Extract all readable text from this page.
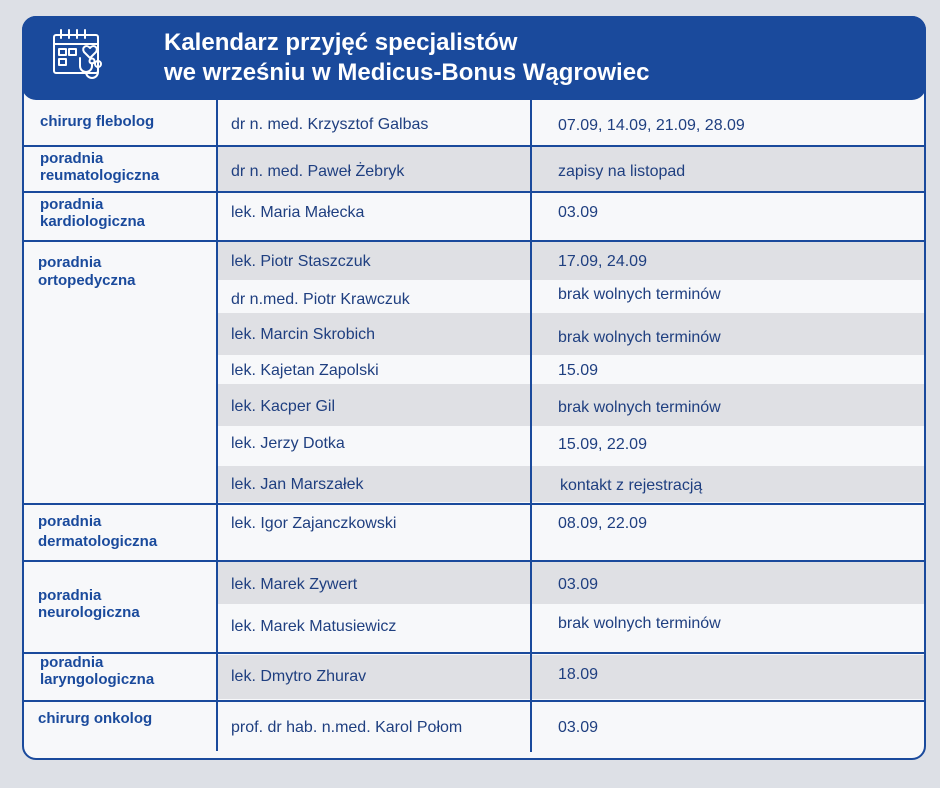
Kalendarz przyjęć specjalistów
we wrześniu w Medicus-Bonus Wągrowiec
chirurg flebolog
poradnia
reumatologiczna
poradnia
kardiologiczna
poradnia
ortopedyczna
poradnia
dermatologiczna
poradnia
neurologiczna
poradnia
laryngologiczna
chirurg onkolog
dr n. med. Krzysztof Galbas
dr n. med. Paweł Żebryk
lek. Maria Małecka
lek. Piotr Staszczuk
dr n.med. Piotr Krawczuk
lek. Marcin Skrobich
lek. Kajetan Zapolski
lek. Kacper Gil
lek. Jerzy Dotka
lek. Jan Marszałek
lek. Igor Zajanczkowski
lek. Marek Zywert
lek. Marek Matusiewicz
lek. Dmytro Zhurav
prof. dr hab. n.med. Karol Połom
07.09, 14.09, 21.09, 28.09
zapisy na listopad
03.09
17.09, 24.09
brak wolnych terminów
brak wolnych terminów
15.09
brak wolnych terminów
15.09, 22.09
kontakt z rejestracją
08.09, 22.09
03.09
brak wolnych terminów
18.09
03.09
